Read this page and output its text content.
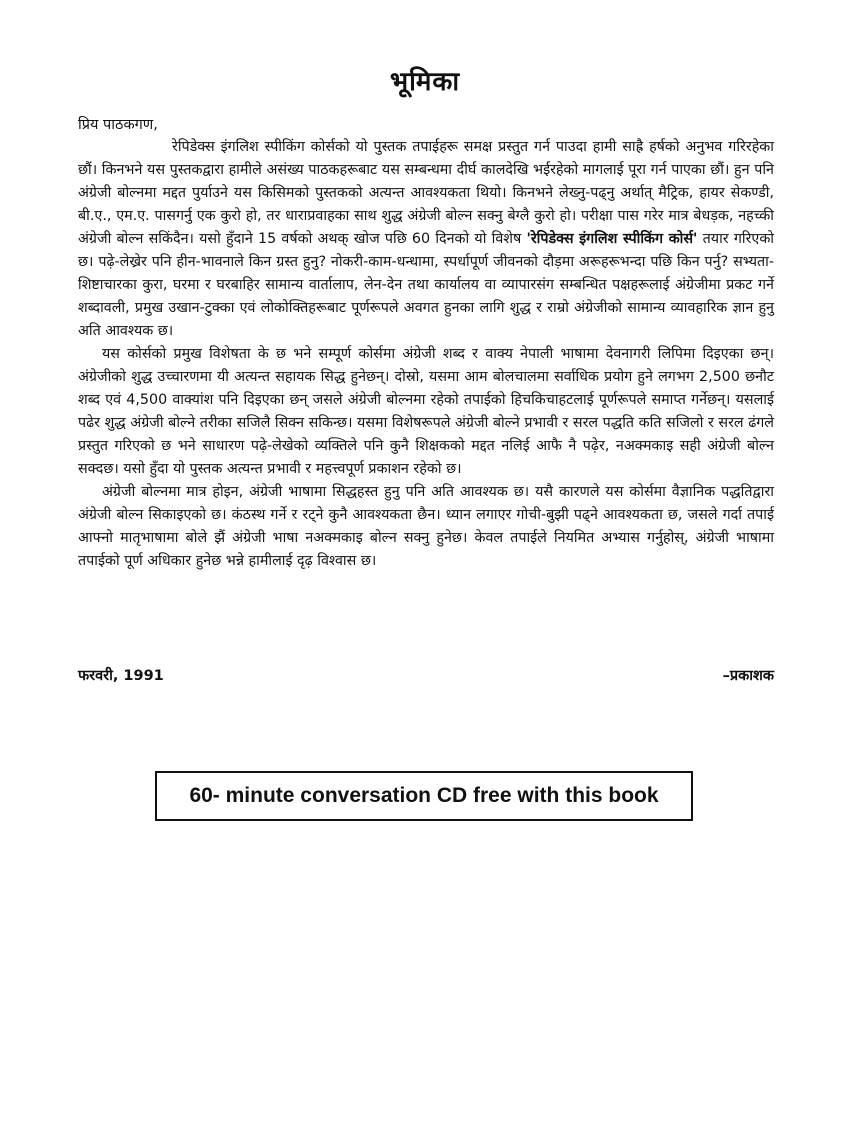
भूमिका
प्रिय पाठकगण,

रेपिडेक्स इंगलिश स्पीकिंग कोर्सको यो पुस्तक तपाईहरू समक्ष प्रस्तुत गर्न पाउदा हामी साह्रै हर्षको अनुभव गरिरहेका छौं। किनभने यस पुस्तकद्वारा हामीले असंख्य पाठकहरूबाट यस सम्बन्धमा दीर्घ कालदेखि भईरहेको मागलाई पूरा गर्न पाएका छौं। हुन पनि अंग्रेजी बोल्नमा मद्दत पुर्याउने यस किसिमको पुस्तकको अत्यन्त आवश्यकता थियो। किनभने लेख्नु-पढ्नु अर्थात् मैट्रिक, हायर सेकण्डी, बी.ए., एम.ए. पासगर्नु एक कुरो हो, तर धाराप्रवाहका साथ शुद्ध अंग्रेजी बोल्न सक्नु बेग्लै कुरो हो। परीक्षा पास गरेर मात्र बेधड़क, नहच्की अंग्रेजी बोल्न सकिंदैन। यसो हुँदाने 15 वर्षको अथक् खोज पछि 60 दिनको यो विशेष 'रेपिडेक्स इंगलिश स्पीकिंग कोर्स' तयार गरिएको छ। पढ़े-लेख्रेर पनि हीन-भावनाले किन ग्रस्त हुनु? नोकरी-काम-धन्धामा, स्पर्धापूर्ण जीवनको दौड़मा अरूहरूभन्दा पछि किन पर्नु? सभ्यता-शिष्टाचारका कुरा, घरमा र घरबाहिर सामान्य वार्तालाप, लेन-देन तथा कार्यालय वा व्यापारसंग सम्बन्धित पक्षहरूलाई अंग्रेजीमा प्रकट गर्ने शब्दावली, प्रमुख उखान-टुक्का एवं लोकोक्तिहरूबाट पूर्णरूपले अवगत हुनका लागि शुद्ध र राम्रो अंग्रेजीको सामान्य व्यावहारिक ज्ञान हुनु अति आवश्यक छ।

यस कोर्सको प्रमुख विशेषता के छ भने सम्पूर्ण कोर्समा अंग्रेजी शब्द र वाक्य नेपाली भाषामा देवनागरी लिपिमा दिइएका छन्। अंग्रेजीको शुद्ध उच्चारणमा यी अत्यन्त सहायक सिद्ध हुनेछन्। दोस्रो, यसमा आम बोलचालमा सर्वाधिक प्रयोग हुने लगभग 2,500 छनौट शब्द एवं 4,500 वाक्यांश पनि दिइएका छन् जसले अंग्रेजी बोल्नमा रहेको तपाईको हिचकिचाहटलाई पूर्णरूपले समाप्त गर्नेछन्। यसलाई पढेर शुद्ध अंग्रेजी बोल्ने तरीका सजिलै सिक्न सकिन्छ। यसमा विशेषरूपले अंग्रेजी बोल्ने प्रभावी र सरल पद्धति कति सजिलो र सरल ढंगले प्रस्तुत गरिएको छ भने साधारण पढ़े-लेखेको व्यक्तिले पनि कुनै शिक्षकको मद्दत नलिई आफै नै पढ़ेर, नअक्मकाइ सही अंग्रेजी बोल्न सक्दछ। यसो हुँदा यो पुस्तक अत्यन्त प्रभावी र महत्त्वपूर्ण प्रकाशन रहेको छ।

अंग्रेजी बोल्नमा मात्र होइन, अंग्रेजी भाषामा सिद्धहस्त हुनु पनि अति आवश्यक छ। यसै कारणले यस कोर्समा वैज्ञानिक पद्धतिद्वारा अंग्रेजी बोल्न सिकाइएको छ। कंठस्थ गर्ने र रट्ने कुनै आवश्यकता छैन। ध्यान लगाएर गोची-बुझी पढ्ने आवश्यकता छ, जसले गर्दा तपाई आफ्नो मातृभाषामा बोले झैं अंग्रेजी भाषा नअक्मकाइ बोल्न सक्नु हुनेछ। केवल तपाईले नियमित अभ्यास गर्नुहोस्, अंग्रेजी भाषामा तपाईको पूर्ण अधिकार हुनेछ भन्ने हामीलाई दृढ़ विश्वास छ।

फरवरी, 1991	–प्रकाशक
60- minute conversation CD free with this book
